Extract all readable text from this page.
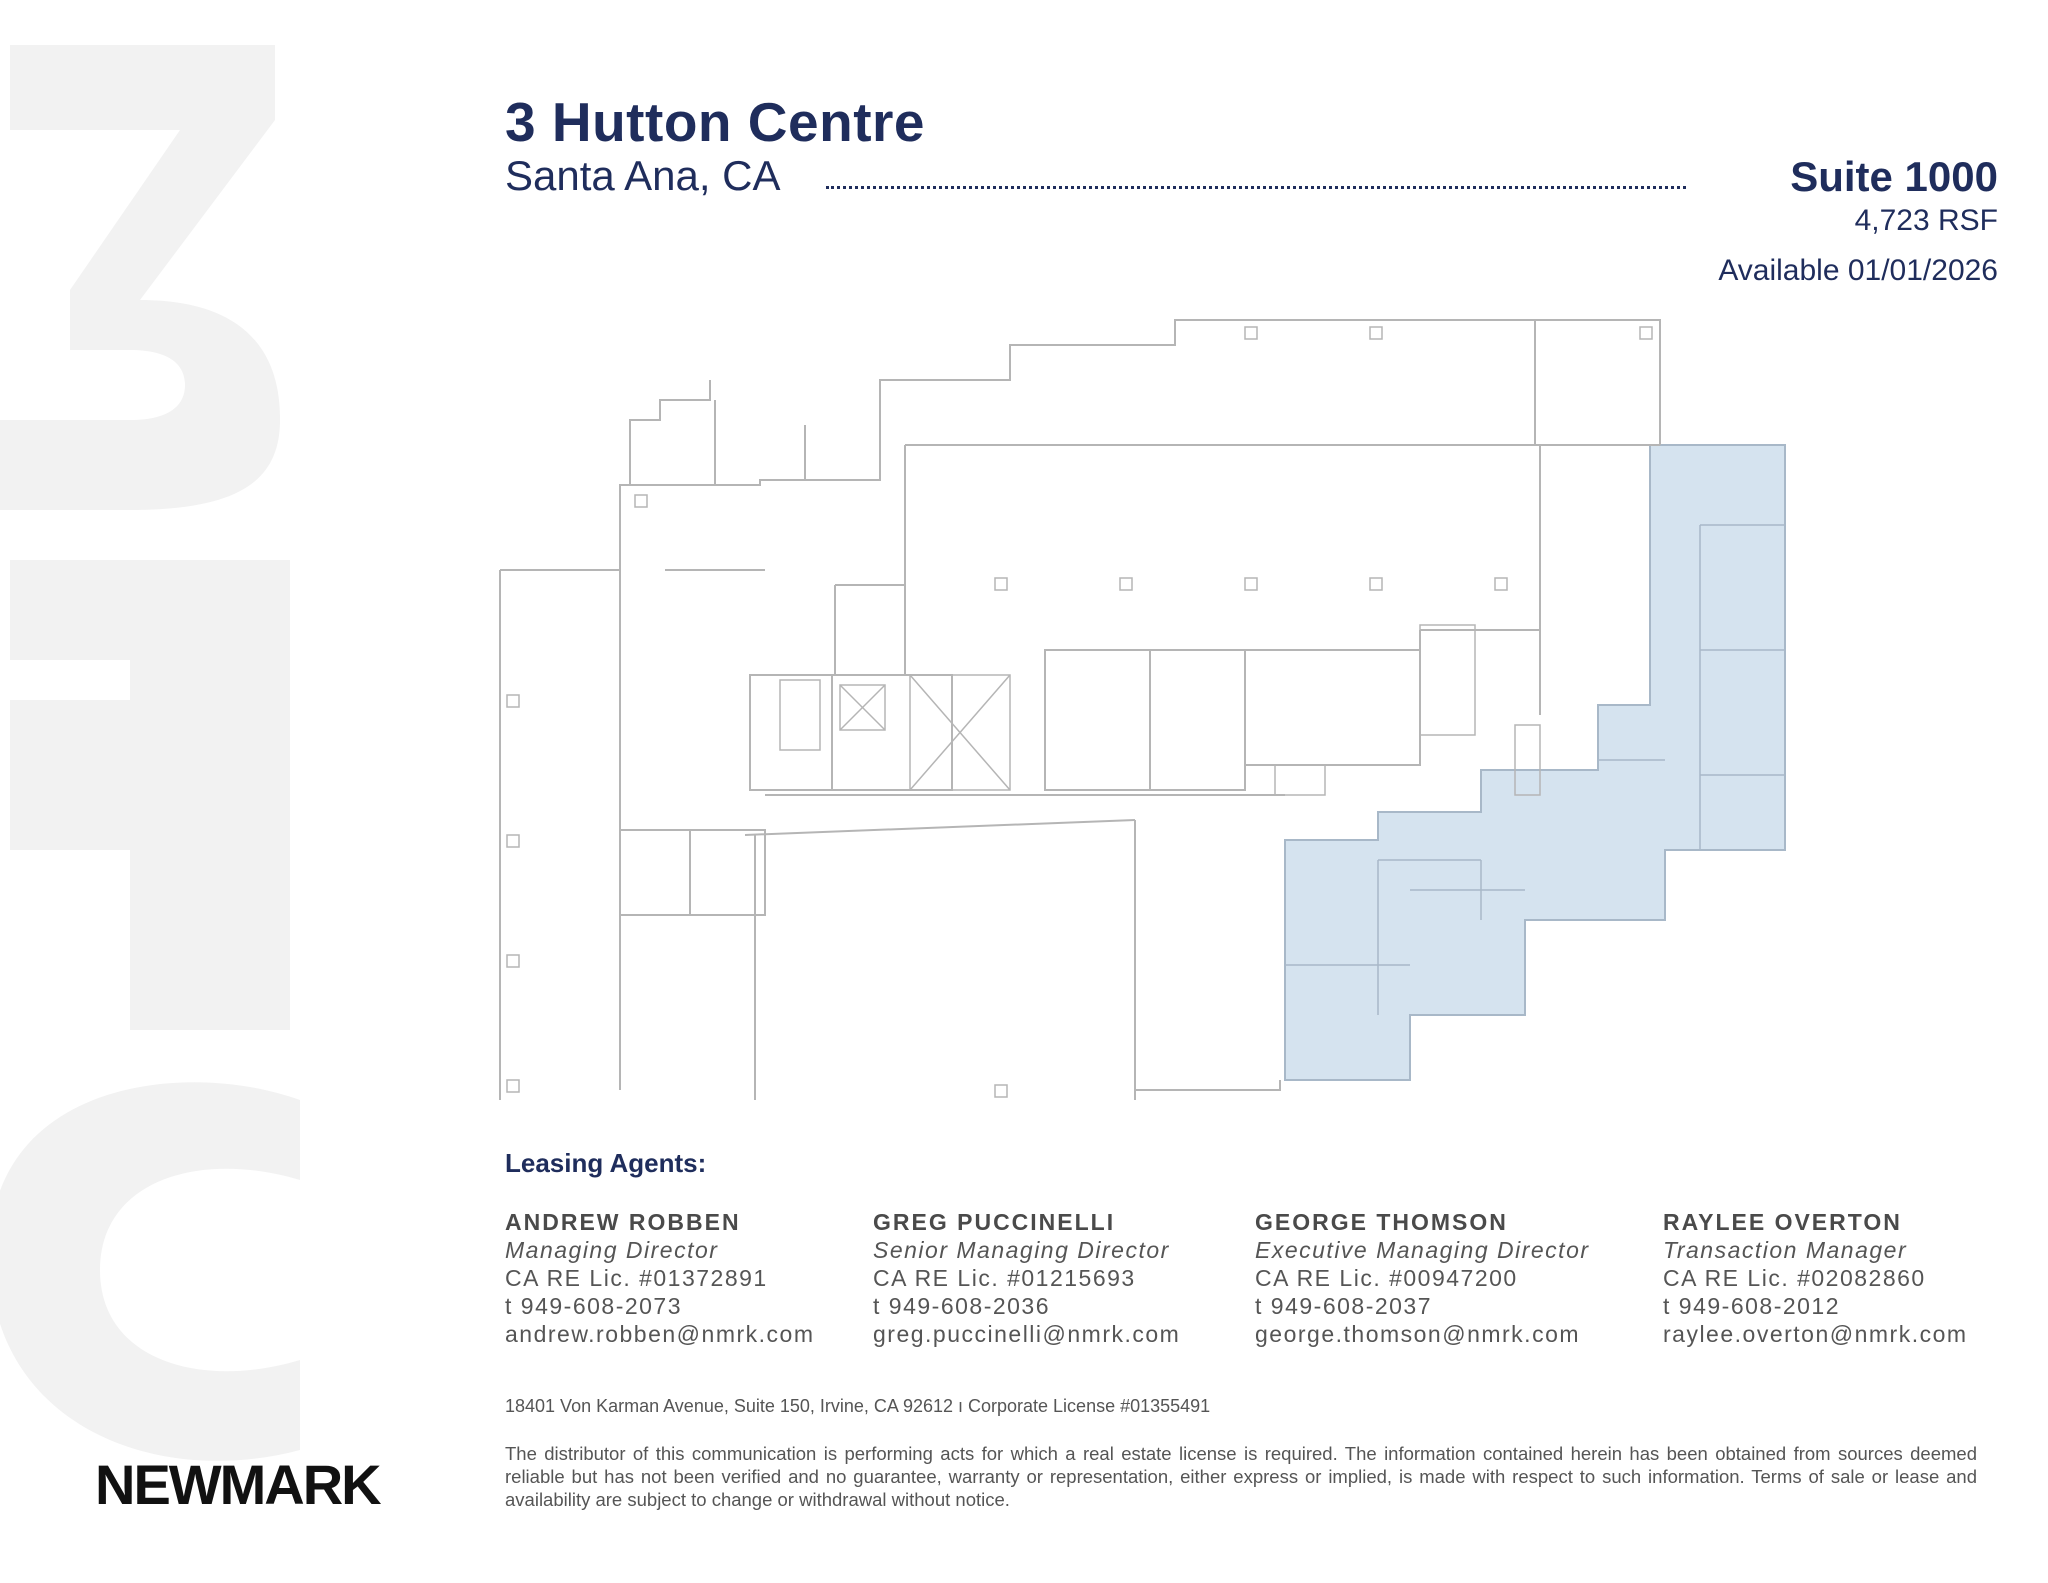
3 Hutton Centre
Santa Ana, CA	Suite 1000
4,723 RSF
Available 01/01/2026
Leasing Agents:
ANDREW ROBBEN
Managing Director
CA RE Lic. #01372891
t 949-608-2073
andrew.robben@nmrk.com
GREG PUCCINELLI
Senior Managing Director
CA RE Lic. #01215693
t 949-608-2036
greg.puccinelli@nmrk.com
GEORGE THOMSON
Executive Managing Director
CA RE Lic. #00947200
t 949-608-2037
george.thomson@nmrk.com
RAYLEE OVERTON
Transaction Manager
CA RE Lic. #02082860
t 949-608-2012
raylee.overton@nmrk.com
18401 Von Karman Avenue, Suite 150, Irvine, CA 92612 ı Corporate License #01355491

The distributor of this communication is performing acts for which a real estate license is required. The information contained herein has been obtained from sources deemed reliable but has not been verified and no guarantee, warranty or representation, either express or implied, is made with respect to such information. Terms of sale or lease and availability are subject to change or withdrawal without notice.

NEWMARK
